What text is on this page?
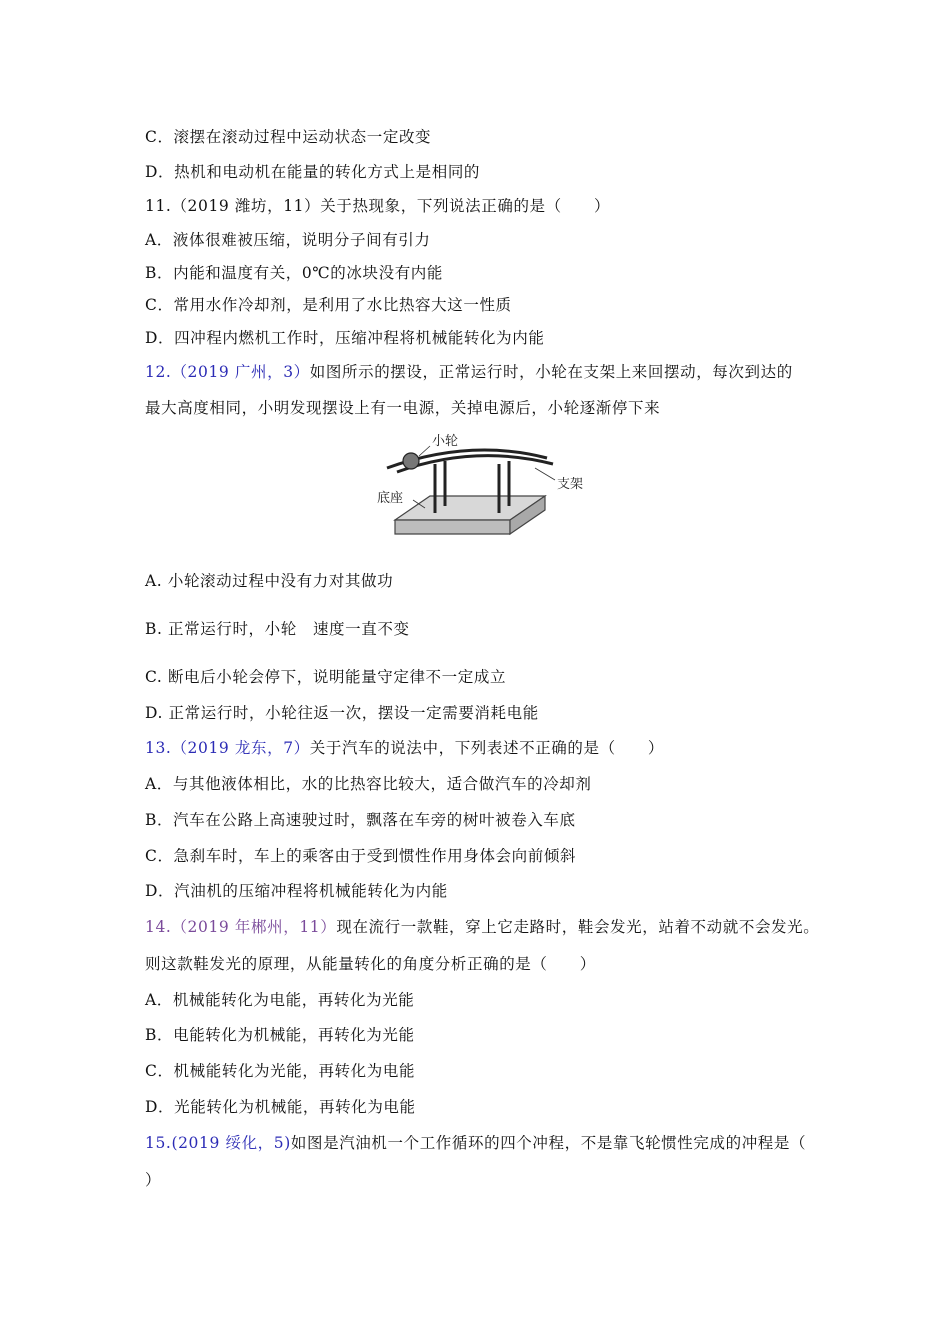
C．滚摆在滚动过程中运动状态一定改变
D．热机和电动机在能量的转化方式上是相同的
11.（2019 潍坊，11）关于热现象，下列说法正确的是（　　）
A．液体很难被压缩，说明分子间有引力
B．内能和温度有关，0℃的冰块没有内能
C．常用水作冷却剂，是利用了水比热容大这一性质
D．四冲程内燃机工作时，压缩冲程将机械能转化为内能
12.（2019 广州，3）如图所示的摆设，正常运行时，小轮在支架上来回摆动，每次到达的
最大高度相同，小明发现摆设上有一电源，关掉电源后，小轮逐渐停下来
小轮
支架
底座
A. 小轮滚动过程中没有力对其做功
B. 正常运行时，小轮　速度一直不变
C. 断电后小轮会停下，说明能量守定律不一定成立
D. 正常运行时，小轮往返一次，摆设一定需要消耗电能
13.（2019 龙东，7）关于汽车的说法中，下列表述不正确的是（　　）
A．与其他液体相比，水的比热容比较大，适合做汽车的冷却剂
B．汽车在公路上高速驶过时，飘落在车旁的树叶被卷入车底
C．急刹车时，车上的乘客由于受到惯性作用身体会向前倾斜
D．汽油机的压缩冲程将机械能转化为内能
14.（2019 年郴州，11）现在流行一款鞋，穿上它走路时，鞋会发光，站着不动就不会发光。
则这款鞋发光的原理，从能量转化的角度分析正确的是（　　）
A．机械能转化为电能，再转化为光能
B．电能转化为机械能，再转化为光能
C．机械能转化为光能，再转化为电能
D．光能转化为机械能，再转化为电能
15.(2019 绥化，5)如图是汽油机一个工作循环的四个冲程，不是靠飞轮惯性完成的冲程是（
）
